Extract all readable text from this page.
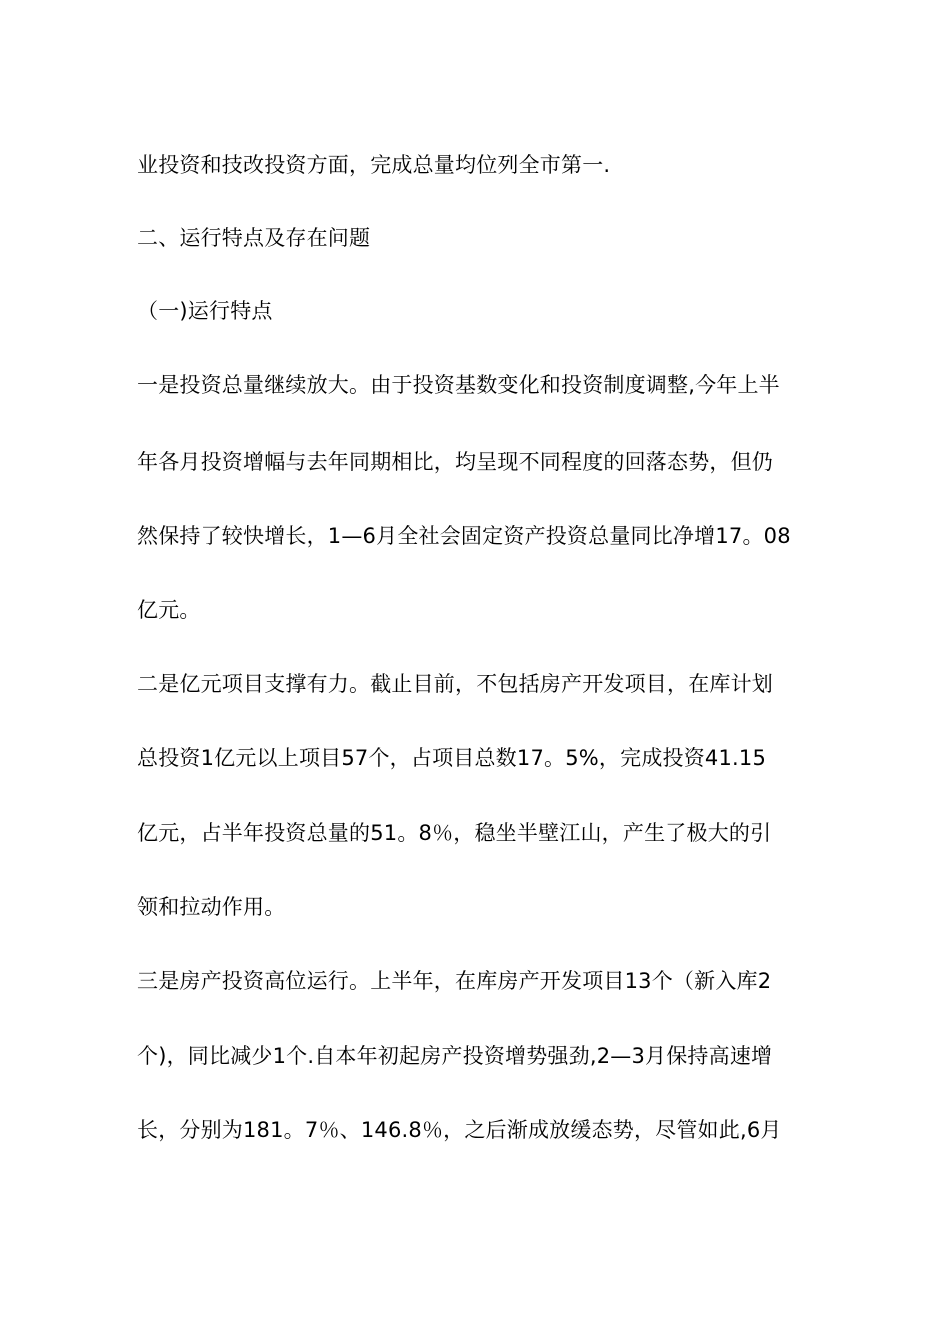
业投资和技改投资方面，完成总量均位列全市第一.
二、运行特点及存在问题
（一)运行特点
一是投资总量继续放大。由于投资基数变化和投资制度调整,今年上半
年各月投资增幅与去年同期相比，均呈现不同程度的回落态势，但仍
然保持了较快增长，1—6月全社会固定资产投资总量同比净增17。08
亿元。
二是亿元项目支撑有力。截止目前，不包括房产开发项目，在库计划
总投资1亿元以上项目57个，占项目总数17。5%，完成投资41.15
亿元，占半年投资总量的51。8％，稳坐半壁江山，产生了极大的引
领和拉动作用。
三是房产投资高位运行。上半年，在库房产开发项目13个（新入库2
个)，同比减少1个.自本年初起房产投资增势强劲,2—3月保持高速增
长，分别为181。7％、146.8％，之后渐成放缓态势，尽管如此,6月
